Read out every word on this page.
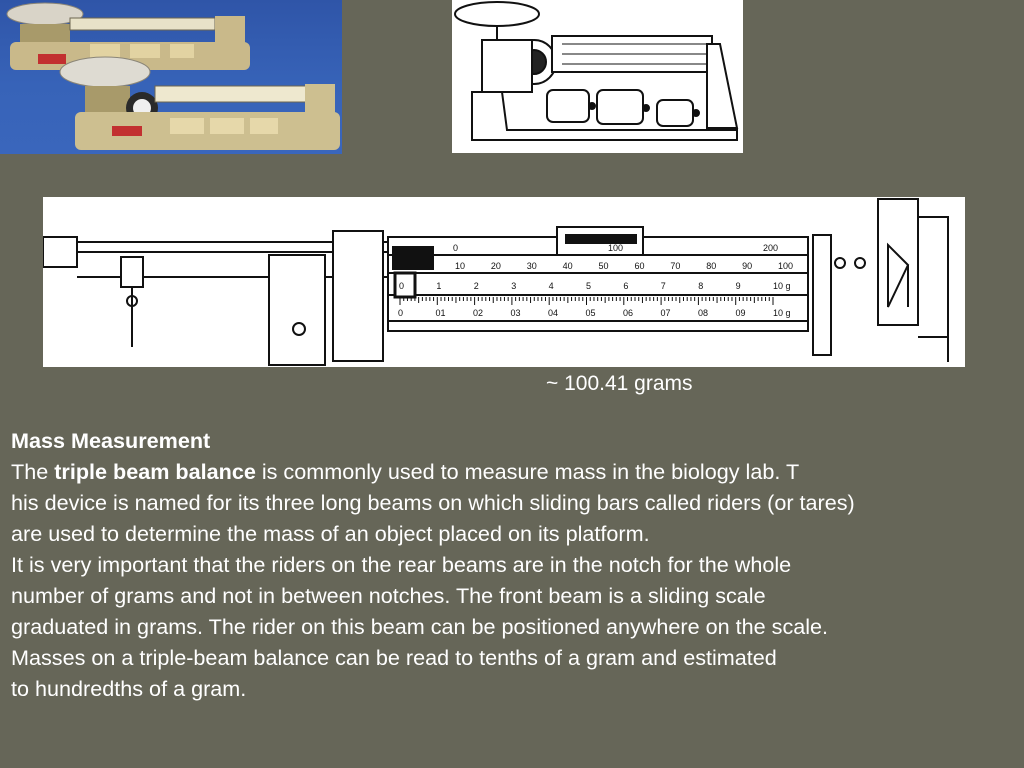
0	100	200
10	20	30	40	50	60	70	80	90	100
0	1	2	3	4	5	6	7	8	9	10 g
0	01	02	03	04	05	06	07	08	09	10 g
~ 100.41 grams

Mass Measurement

The triple beam balance is commonly used to measure mass in the biology lab. T

his device is named for its three long beams on which sliding bars called riders (or tares)

are used to determine the mass of an object placed on its platform.

It is very important that the riders on the rear beams are in the notch for the whole

number of grams and not in between notches. The front beam is a sliding scale

graduated in grams. The rider on this beam can be positioned anywhere on the scale.

Masses on a triple-beam balance can be read to tenths of a gram and estimated

to hundredths of a gram.
